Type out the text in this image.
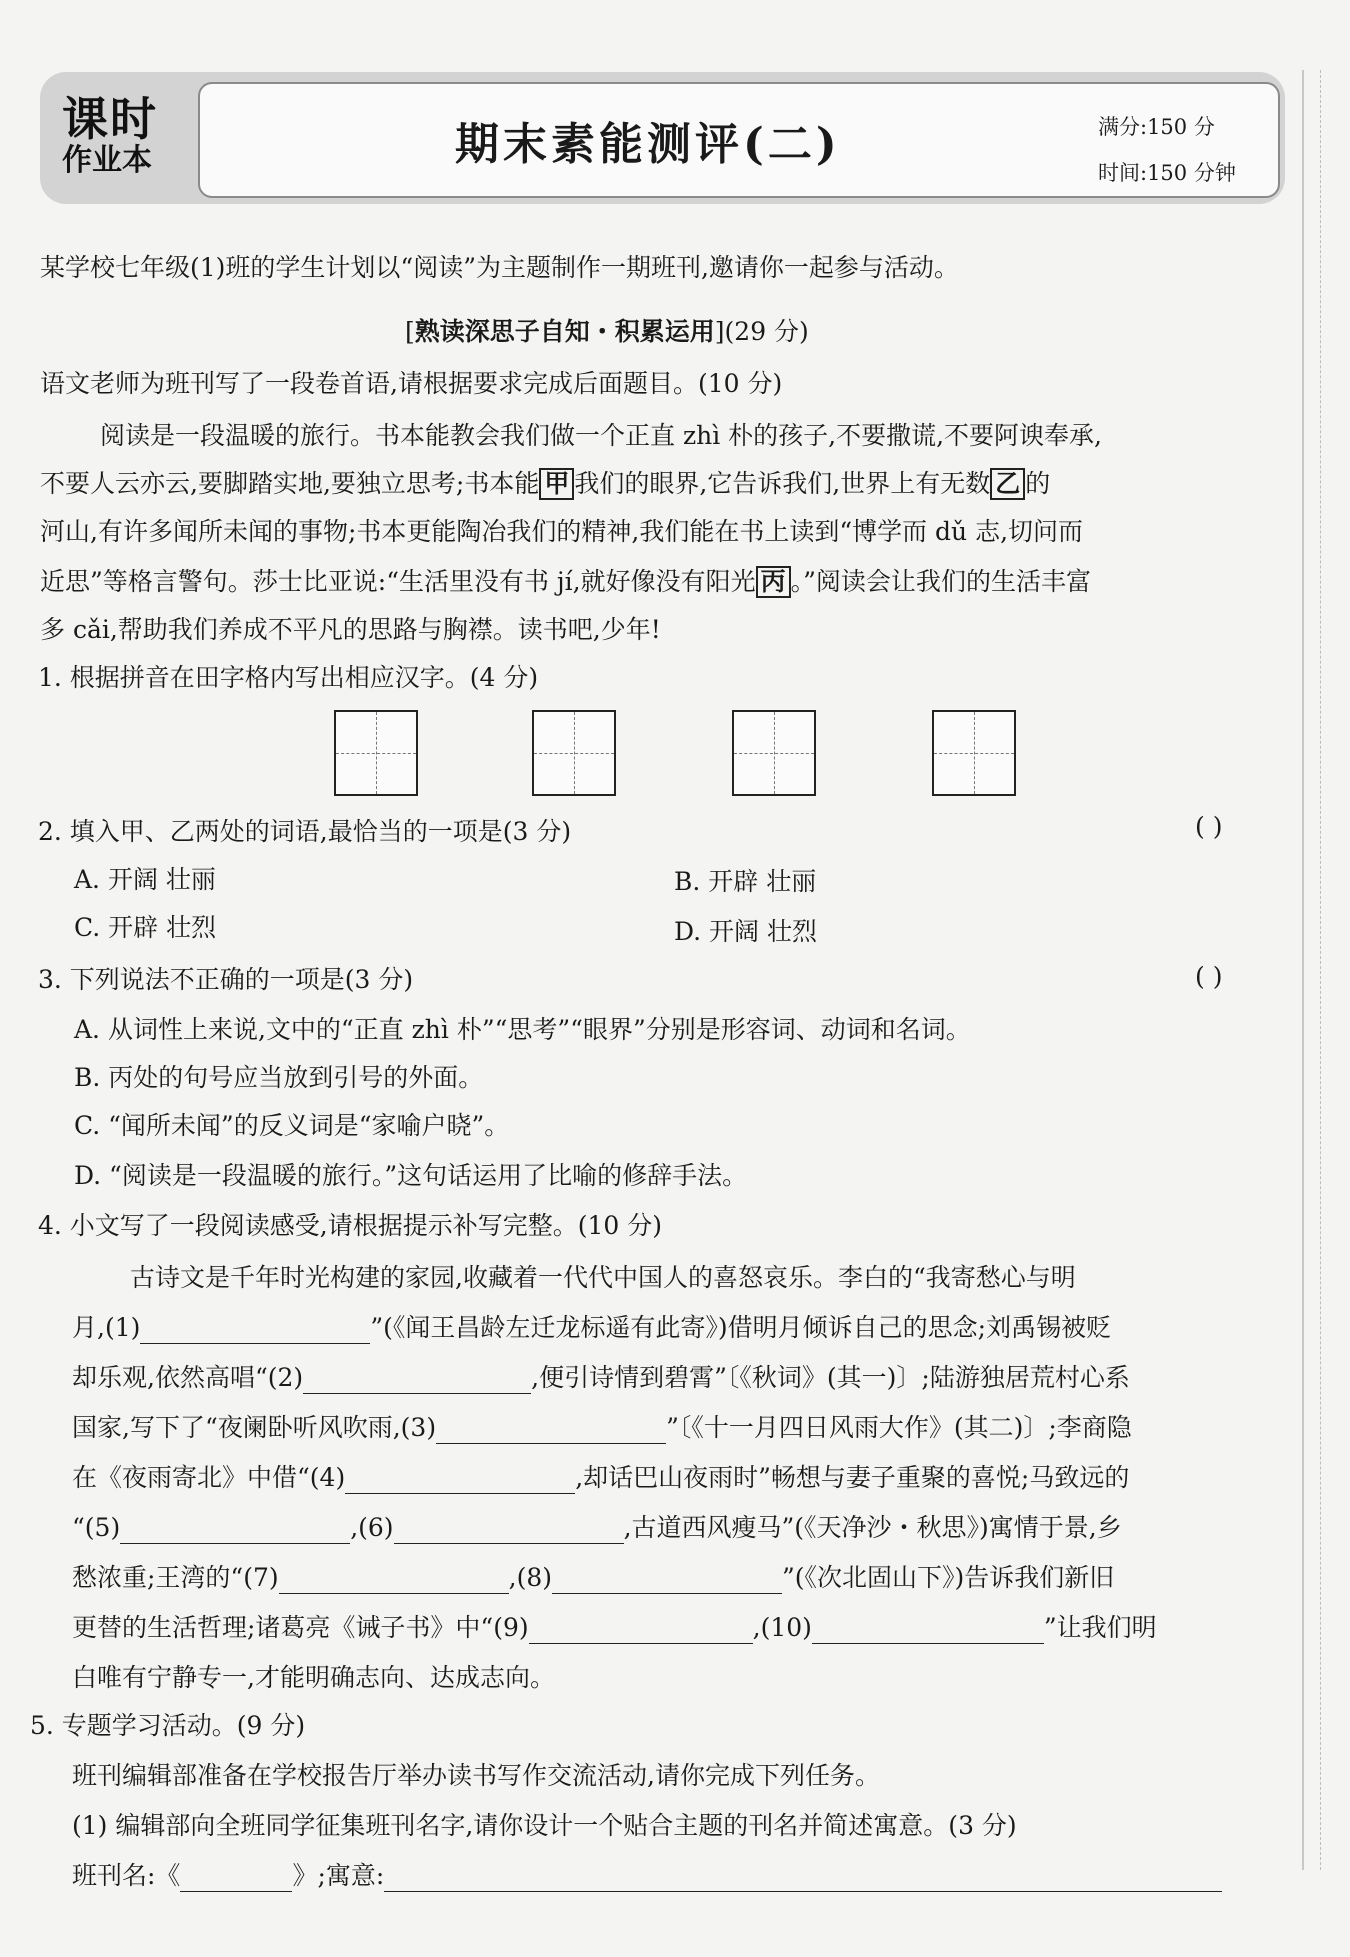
课时
作业本	期末素能测评(二)	满分:150 分
时间:150 分钟
某学校七年级(1)班的学生计划以“阅读”为主题制作一期班刊,邀请你一起参与活动。
[熟读深思子自知・积累运用](29 分)
语文老师为班刊写了一段卷首语,请根据要求完成后面题目。(10 分)
阅读是一段温暖的旅行。书本能教会我们做一个正直 zhì 朴的孩子,不要撒谎,不要阿谀奉承,
不要人云亦云,要脚踏实地,要独立思考;书本能 甲 我们的眼界,它告诉我们,世界上有无数 乙 的
河山,有许多闻所未闻的事物;书本更能陶冶我们的精神,我们能在书上读到“博学而 dǔ 志,切问而
近思”等格言警句。莎士比亚说:“生活里没有书 jí,就好像没有阳光 丙 。”阅读会让我们的生活丰富
多 cǎi,帮助我们养成不平凡的思路与胸襟。读书吧,少年!
1. 根据拼音在田字格内写出相应汉字。(4 分)
2. 填入甲、乙两处的词语,最恰当的一项是(3 分)	( )
A. 开阔 壮丽	B. 开辟 壮丽
C. 开辟 壮烈	D. 开阔 壮烈
3. 下列说法不正确的一项是(3 分)	( )
A. 从词性上来说,文中的“正直 zhì 朴”“思考”“眼界”分别是形容词、动词和名词。
B. 丙处的句号应当放到引号的外面。
C. “闻所未闻”的反义词是“家喻户晓”。
D. “阅读是一段温暖的旅行。”这句话运用了比喻的修辞手法。
4. 小文写了一段阅读感受,请根据提示补写完整。(10 分)
古诗文是千年时光构建的家园,收藏着一代代中国人的喜怒哀乐。李白的“我寄愁心与明
月,(1)	”(《闻王昌龄左迁龙标遥有此寄》)借明月倾诉自己的思念;刘禹锡被贬
却乐观,依然高唱“(2)	,便引诗情到碧霄”〔《秋词》(其一)〕;陆游独居荒村心系
国家,写下了“夜阑卧听风吹雨,(3)	”〔《十一月四日风雨大作》(其二)〕;李商隐
在《夜雨寄北》中借“(4)	,却话巴山夜雨时”畅想与妻子重聚的喜悦;马致远的
“(5)	,(6)	,古道西风瘦马”(《天净沙・秋思》)寓情于景,乡
愁浓重;王湾的“(7)	,(8)	”(《次北固山下》)告诉我们新旧
更替的生活哲理;诸葛亮《诫子书》中“(9)	,(10)	”让我们明
白唯有宁静专一,才能明确志向、达成志向。
5. 专题学习活动。(9 分)
班刊编辑部准备在学校报告厅举办读书写作交流活动,请你完成下列任务。
(1) 编辑部向全班同学征集班刊名字,请你设计一个贴合主题的刊名并简述寓意。(3 分)
班刊名:《	》;寓意:
